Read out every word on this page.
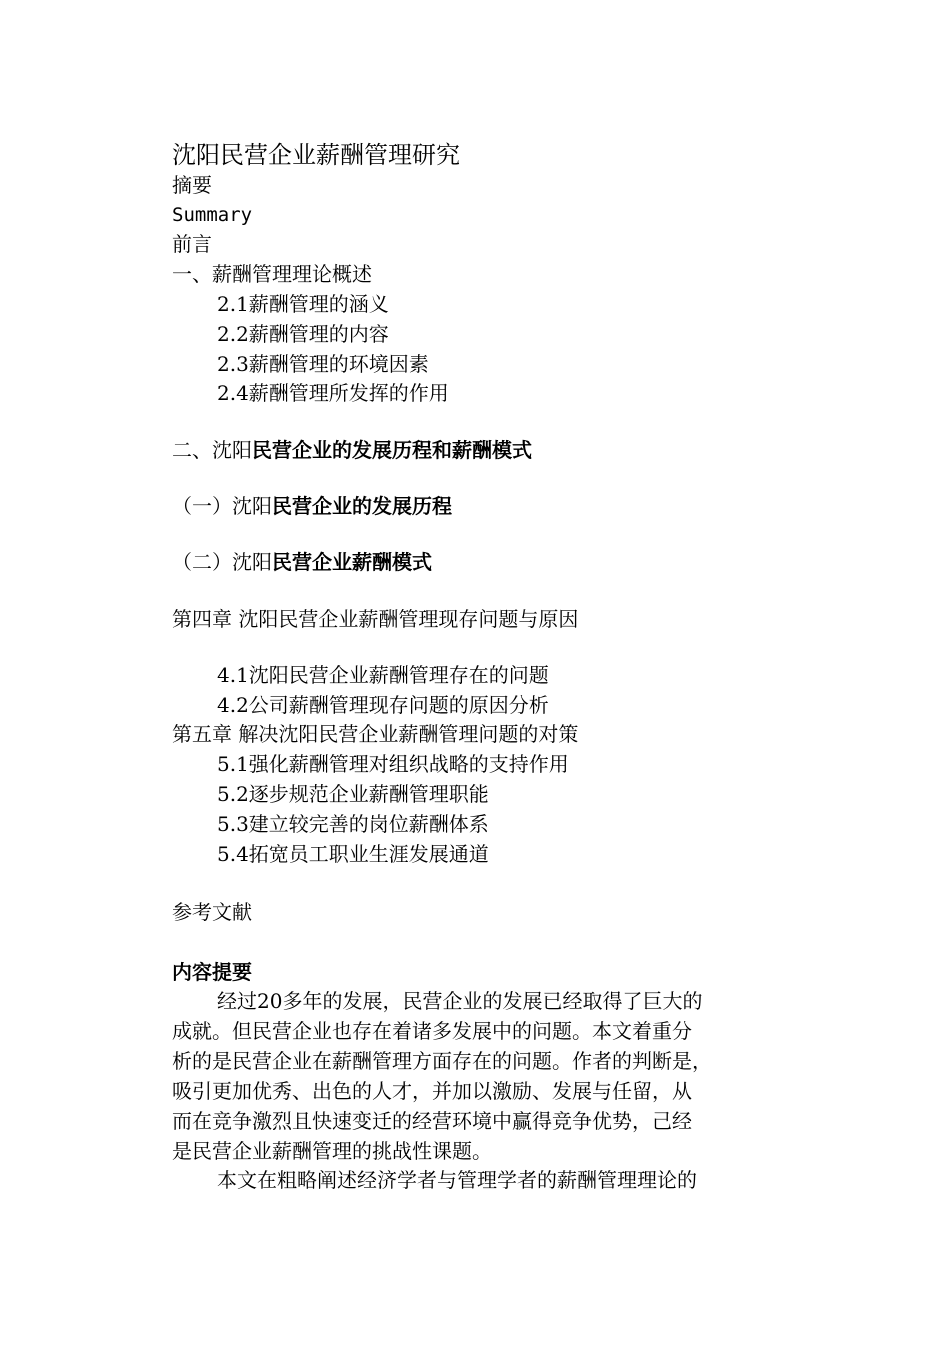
沈阳民营企业薪酬管理研究
摘要
Summary
前言
一、薪酬管理理论概述
2.1薪酬管理的涵义
2.2薪酬管理的内容
2.3薪酬管理的环境因素
2.4薪酬管理所发挥的作用
二、沈阳民营企业的发展历程和薪酬模式
（一）沈阳民营企业的发展历程
（二）沈阳民营企业薪酬模式
第四章 沈阳民营企业薪酬管理现存问题与原因
4.1沈阳民营企业薪酬管理存在的问题
4.2公司薪酬管理现存问题的原因分析
第五章 解决沈阳民营企业薪酬管理问题的对策
5.1强化薪酬管理对组织战略的支持作用
5.2逐步规范企业薪酬管理职能
5.3建立较完善的岗位薪酬体系
5.4拓宽员工职业生涯发展通道
参考文献
内容提要
经过20多年的发展，民营企业的发展已经取得了巨大的
成就。但民营企业也存在着诸多发展中的问题。本文着重分
析的是民营企业在薪酬管理方面存在的问题。作者的判断是，
吸引更加优秀、出色的人才，并加以激励、发展与任留，从
而在竞争激烈且快速变迁的经营环境中赢得竞争优势，己经
是民营企业薪酬管理的挑战性课题。
本文在粗略阐述经济学者与管理学者的薪酬管理理论的
